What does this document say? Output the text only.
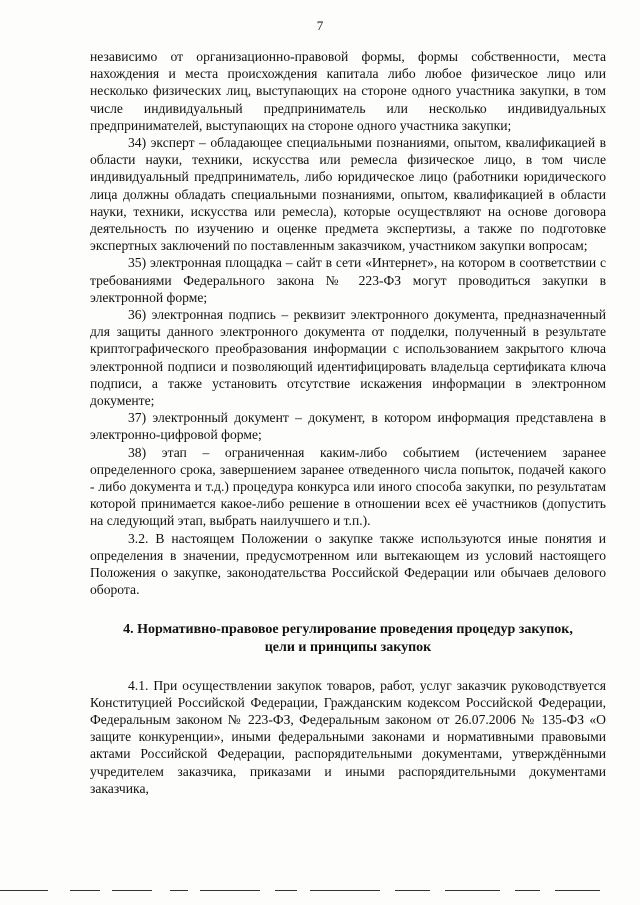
7

независимо от организационно-правовой формы, формы собственности, места нахождения и места происхождения капитала либо любое физическое лицо или несколько физических лиц, выступающих на стороне одного участника закупки, в том числе индивидуальный предприниматель или несколько индивидуальных предпринимателей, выступающих на стороне одного участника закупки;

34) эксперт – обладающее специальными познаниями, опытом, квалификацией в области науки, техники, искусства или ремесла физическое лицо, в том числе индивидуальный предприниматель, либо юридическое лицо (работники юридического лица должны обладать специальными познаниями, опытом, квалификацией в области науки, техники, искусства или ремесла), которые осуществляют на основе договора деятельность по изучению и оценке предмета экспертизы, а также по подготовке экспертных заключений по поставленным заказчиком, участником закупки вопросам;

35) электронная площадка – сайт в сети «Интернет», на котором в соответствии с требованиями Федерального закона № 223-ФЗ могут проводиться закупки в электронной форме;

36) электронная подпись – реквизит электронного документа, предназначенный для защиты данного электронного документа от подделки, полученный в результате криптографического преобразования информации с использованием закрытого ключа электронной подписи и позволяющий идентифицировать владельца сертификата ключа подписи, а также установить отсутствие искажения информации в электронном документе;

37) электронный документ – документ, в котором информация представлена в электронно-цифровой форме;

38) этап – ограниченная каким-либо событием (истечением заранее определенного срока, завершением заранее отведенного числа попыток, подачей какого - либо документа и т.д.) процедура конкурса или иного способа закупки, по результатам которой принимается какое-либо решение в отношении всех её участников (допустить на следующий этап, выбрать наилучшего и т.п.).

3.2. В настоящем Положении о закупке также используются иные понятия и определения в значении, предусмотренном или вытекающем из условий настоящего Положения о закупке, законодательства Российской Федерации или обычаев делового оборота.

4. Нормативно-правовое регулирование проведения процедур закупок,
цели и принципы закупок

4.1. При осуществлении закупок товаров, работ, услуг заказчик руководствуется Конституцией Российской Федерации, Гражданским кодексом Российской Федерации, Федеральным законом № 223-ФЗ, Федеральным законом от 26.07.2006 № 135-ФЗ «О защите конкуренции», иными федеральными законами и нормативными правовыми актами Российской Федерации, распорядительными документами, утверждёнными учредителем заказчика, приказами и иными распорядительными документами заказчика,
